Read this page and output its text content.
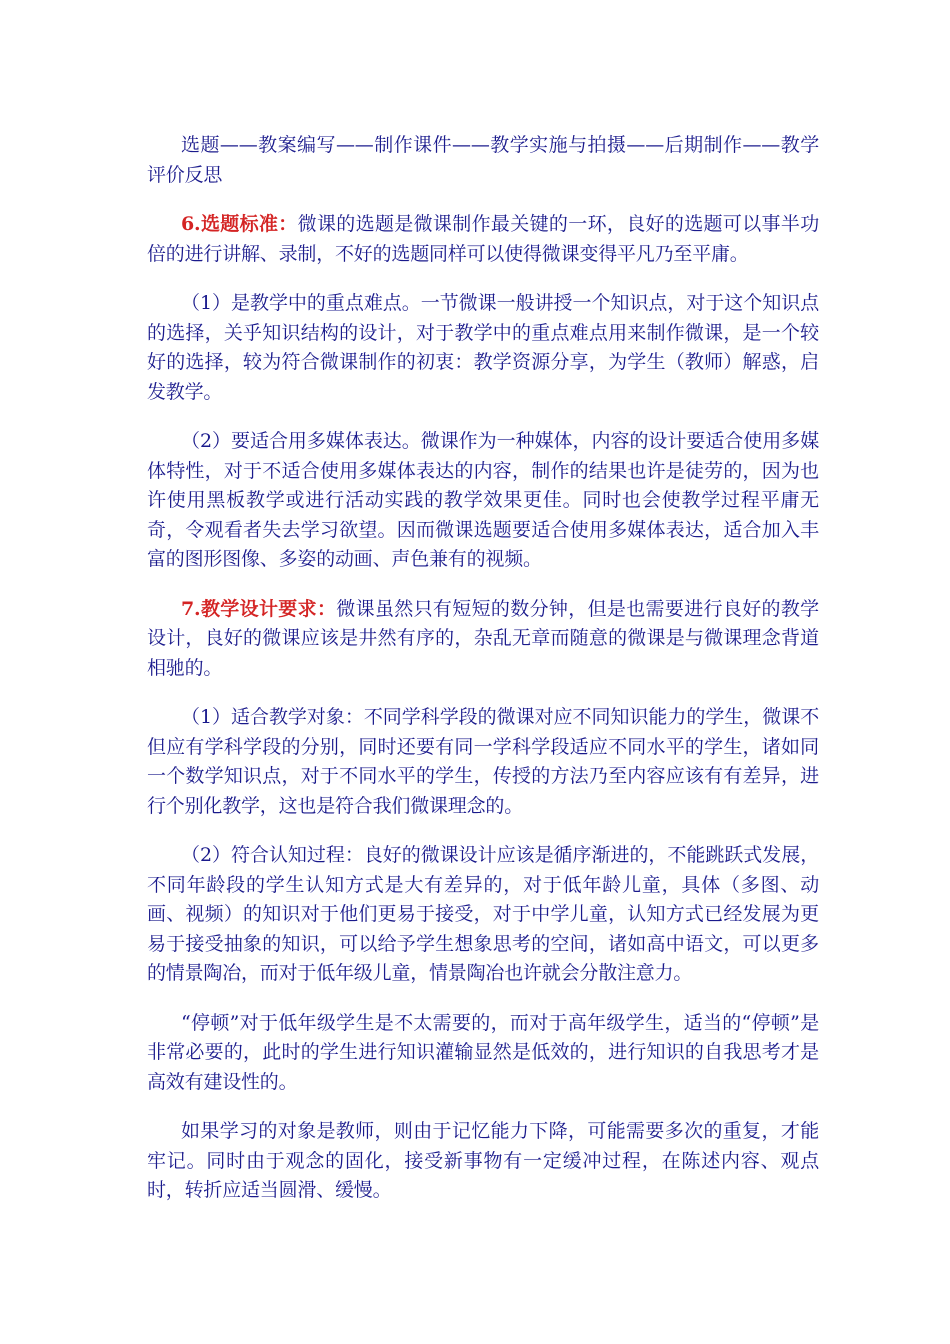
选题——教案编写——制作课件——教学实施与拍摄——后期制作——教学评价反思

6.选题标准：微课的选题是微课制作最关键的一环，良好的选题可以事半功倍的进行讲解、录制，不好的选题同样可以使得微课变得平凡乃至平庸。

（1）是教学中的重点难点。一节微课一般讲授一个知识点，对于这个知识点的选择，关乎知识结构的设计，对于教学中的重点难点用来制作微课，是一个较好的选择，较为符合微课制作的初衷：教学资源分享，为学生（教师）解惑，启发教学。

（2）要适合用多媒体表达。微课作为一种媒体，内容的设计要适合使用多媒体特性，对于不适合使用多媒体表达的内容，制作的结果也许是徒劳的，因为也许使用黑板教学或进行活动实践的教学效果更佳。同时也会使教学过程平庸无奇，令观看者失去学习欲望。因而微课选题要适合使用多媒体表达，适合加入丰富的图形图像、多姿的动画、声色兼有的视频。

7.教学设计要求：微课虽然只有短短的数分钟，但是也需要进行良好的教学设计，良好的微课应该是井然有序的，杂乱无章而随意的微课是与微课理念背道相驰的。

（1）适合教学对象：不同学科学段的微课对应不同知识能力的学生，微课不但应有学科学段的分别，同时还要有同一学科学段适应不同水平的学生，诸如同一个数学知识点，对于不同水平的学生，传授的方法乃至内容应该有有差异，进行个别化教学，这也是符合我们微课理念的。

（2）符合认知过程：良好的微课设计应该是循序渐进的，不能跳跃式发展，不同年龄段的学生认知方式是大有差异的，对于低年龄儿童，具体（多图、动画、视频）的知识对于他们更易于接受，对于中学儿童，认知方式已经发展为更易于接受抽象的知识，可以给予学生想象思考的空间，诸如高中语文，可以更多的情景陶冶，而对于低年级儿童，情景陶冶也许就会分散注意力。

“停顿”对于低年级学生是不太需要的，而对于高年级学生，适当的“停顿”是非常必要的，此时的学生进行知识灌输显然是低效的，进行知识的自我思考才是高效有建设性的。

如果学习的对象是教师，则由于记忆能力下降，可能需要多次的重复，才能牢记。同时由于观念的固化，接受新事物有一定缓冲过程，在陈述内容、观点时，转折应适当圆滑、缓慢。
